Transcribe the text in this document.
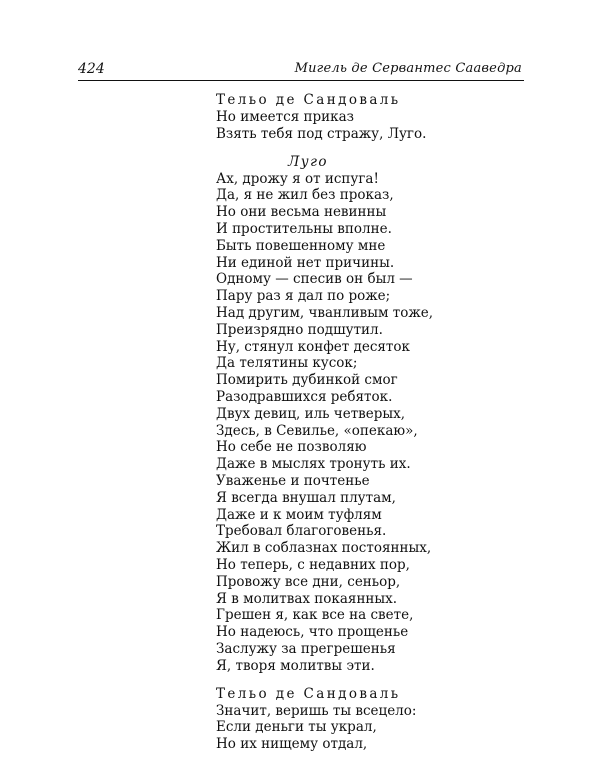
424	Мигель де Сервантес Сааведра

Тельо де Сандоваль

Но имеется приказ

Взять тебя под стражу, Луго.

Луго

Ах, дрожу я от испуга!

Да, я не жил без проказ,

Но они весьма невинны

И простительны вполне.

Быть повешенному мне

Ни единой нет причины.

Одному — спесив он был —

Пару раз я дал по роже;

Над другим, чванливым тоже,

Преизрядно подшутил.

Ну, стянул конфет десяток

Да телятины кусок;

Помирить дубинкой смог

Разодравшихся ребяток.

Двух девиц, иль четверых,

Здесь, в Севилье, «опекаю»,

Но себе не позволяю

Даже в мыслях тронуть их.

Уваженье и почтенье

Я всегда внушал плутам,

Даже и к моим туфлям

Требовал благоговенья.

Жил в соблазнах постоянных,

Но теперь, с недавних пор,

Провожу все дни, сеньор,

Я в молитвах покаянных.

Грешен я, как все на свете,

Но надеюсь, что прощенье

Заслужу за прегрешенья

Я, творя молитвы эти.

Тельо де Сандоваль

Значит, веришь ты всецело:

Если деньги ты украл,

Но их нищему отдал,
